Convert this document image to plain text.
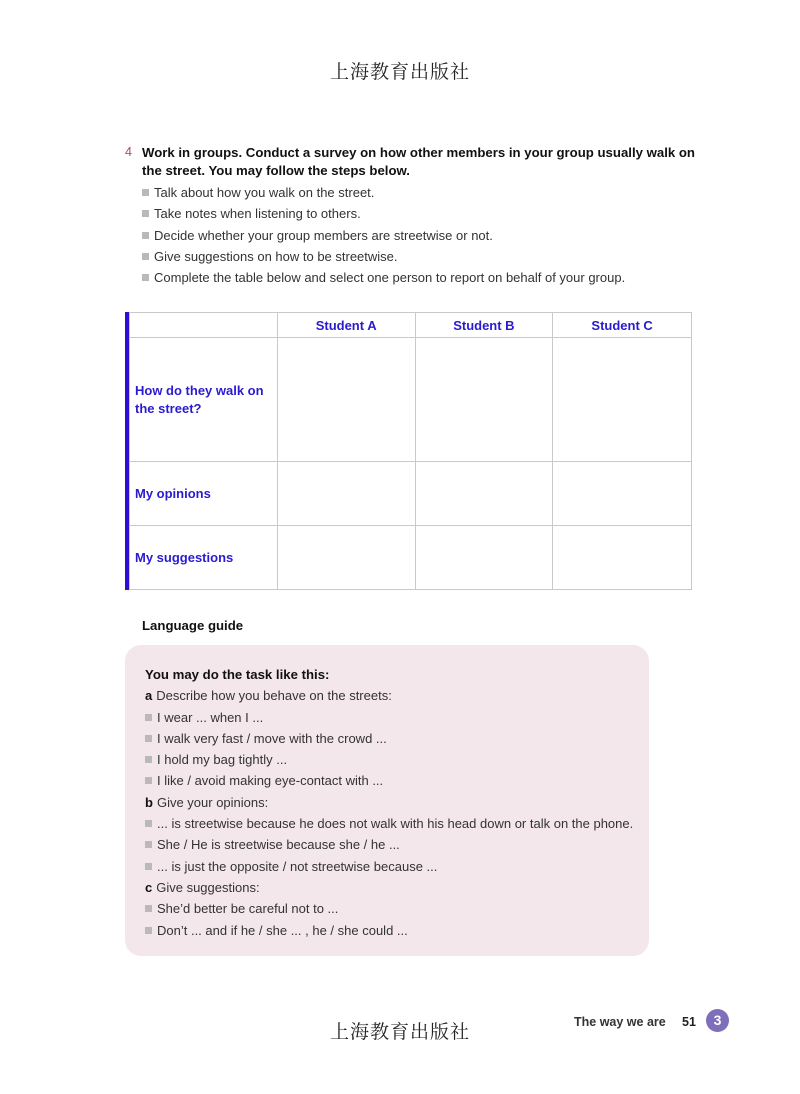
上海教育出版社
4 Work in groups. Conduct a survey on how other members in your group usually walk on
the street. You may follow the steps below.
Talk about how you walk on the street.
Take notes when listening to others.
Decide whether your group members are streetwise or not.
Give suggestions on how to be streetwise.
Complete the table below and select one person to report on behalf of your group.
	Student A	Student B	Student C

How do they walk on
the street?			

My opinions			

My suggestions			

Language guide
You may do the task like this:
a Describe how you behave on the streets:
I wear ... when I ...
I walk very fast / move with the crowd ...
I hold my bag tightly ...
I like / avoid making eye-contact with ...
b Give your opinions:
... is streetwise because he does not walk with his head down or talk on the phone.
She / He is streetwise because she / he ...
... is just the opposite / not streetwise because ...
c Give suggestions:
She’d better be careful not to ...
Don’t ... and if he / she ... , he / she could ...
上海教育出版社	The way we are 51	3
